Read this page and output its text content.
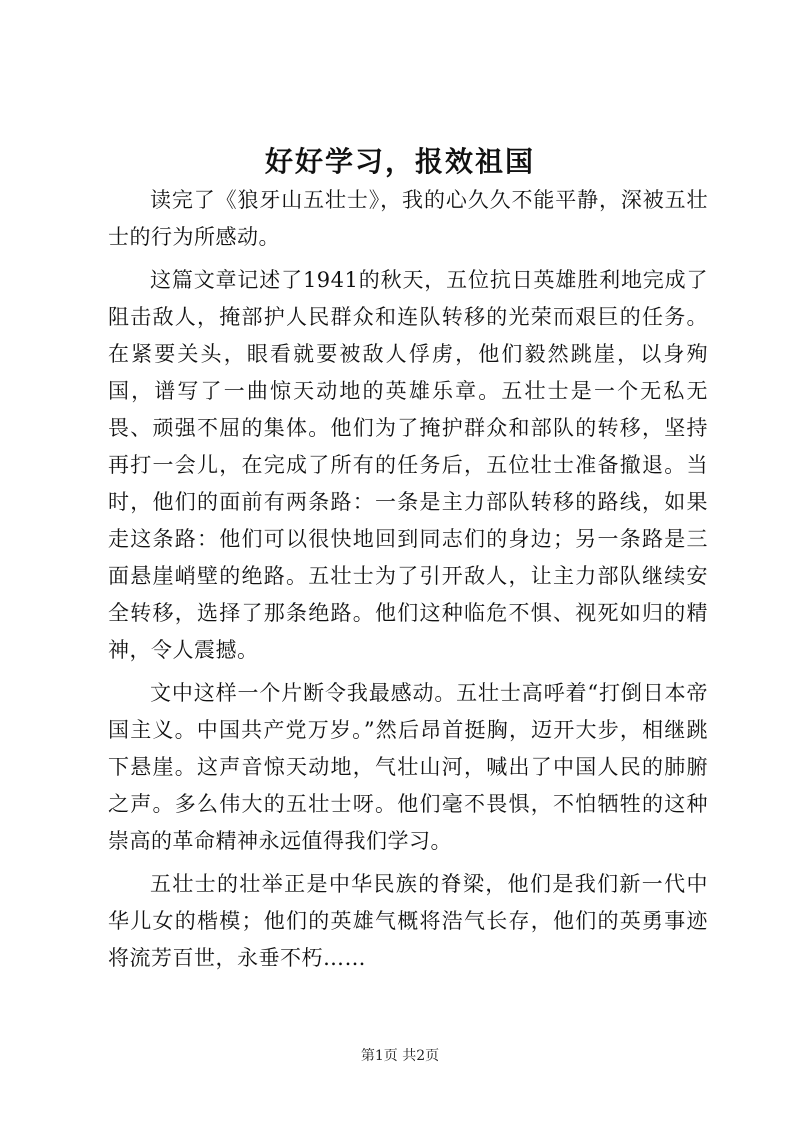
好好学习，报效祖国

读完了《狼牙山五壮士》，我的心久久不能平静，深被五壮士的行为所感动。

这篇文章记述了1941的秋天，五位抗日英雄胜利地完成了阻击敌人，掩部护人民群众和连队转移的光荣而艰巨的任务。在紧要关头，眼看就要被敌人俘虏，他们毅然跳崖，以身殉国，谱写了一曲惊天动地的英雄乐章。五壮士是一个无私无畏、顽强不屈的集体。他们为了掩护群众和部队的转移，坚持再打一会儿，在完成了所有的任务后，五位壮士准备撤退。当时，他们的面前有两条路：一条是主力部队转移的路线，如果走这条路：他们可以很快地回到同志们的身边；另一条路是三面悬崖峭壁的绝路。五壮士为了引开敌人，让主力部队继续安全转移，选择了那条绝路。他们这种临危不惧、视死如归的精神，令人震撼。

文中这样一个片断令我最感动。五壮士高呼着“打倒日本帝国主义。中国共产党万岁。”然后昂首挺胸，迈开大步，相继跳下悬崖。这声音惊天动地，气壮山河，喊出了中国人民的肺腑之声。多么伟大的五壮士呀。他们毫不畏惧，不怕牺牲的这种崇高的革命精神永远值得我们学习。

五壮士的壮举正是中华民族的脊梁，他们是我们新一代中华儿女的楷模；他们的英雄气概将浩气长存，他们的英勇事迹将流芳百世，永垂不朽……

第1页 共2页
